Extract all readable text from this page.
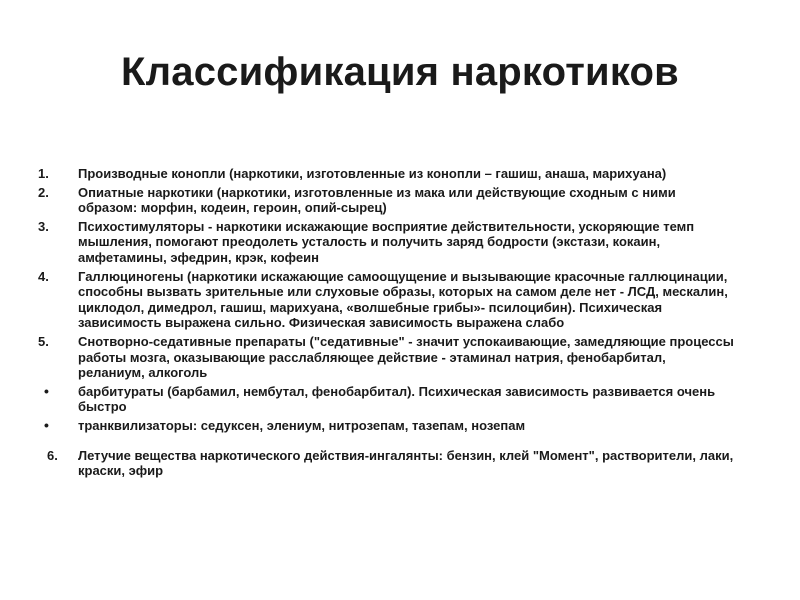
Классификация наркотиков
1.	Производные конопли (наркотики, изготовленные из конопли – гашиш, анаша, марихуана)
2.	Опиатные наркотики (наркотики, изготовленные из мака или действующие сходным с ними образом: морфин, кодеин, героин, опий-сырец)
3.	Психостимуляторы - наркотики искажающие восприятие действительности, ускоряющие темп мышления, помогают преодолеть усталость и получить заряд бодрости (экстази, кокаин, амфетамины, эфедрин, крэк, кофеин
4.	Галлюциногены (наркотики искажающие самоощущение и вызывающие красочные галлюцинации, способны вызвать зрительные или слуховые образы, которых на самом деле нет - ЛСД, мескалин, циклодол, димедрол, гашиш, марихуана, «волшебные грибы»- псилоцибин). Психическая зависимость выражена сильно. Физическая зависимость выражена слабо
5.	Снотворно-седативные препараты ("седативные" - значит успокаивающие, замедляющие процессы работы мозга, оказывающие расслабляющее действие - этаминал натрия, фенобарбитал, реланиум, алкоголь
•	барбитураты (барбамил, нембутал, фенобарбитал). Психическая зависимость развивается очень быстро
•	транквилизаторы: седуксен, элениум, нитрозепам, тазепам, нозепам
6.	Летучие вещества наркотического действия-ингалянты: бензин, клей "Момент", растворители, лаки, краски, эфир
